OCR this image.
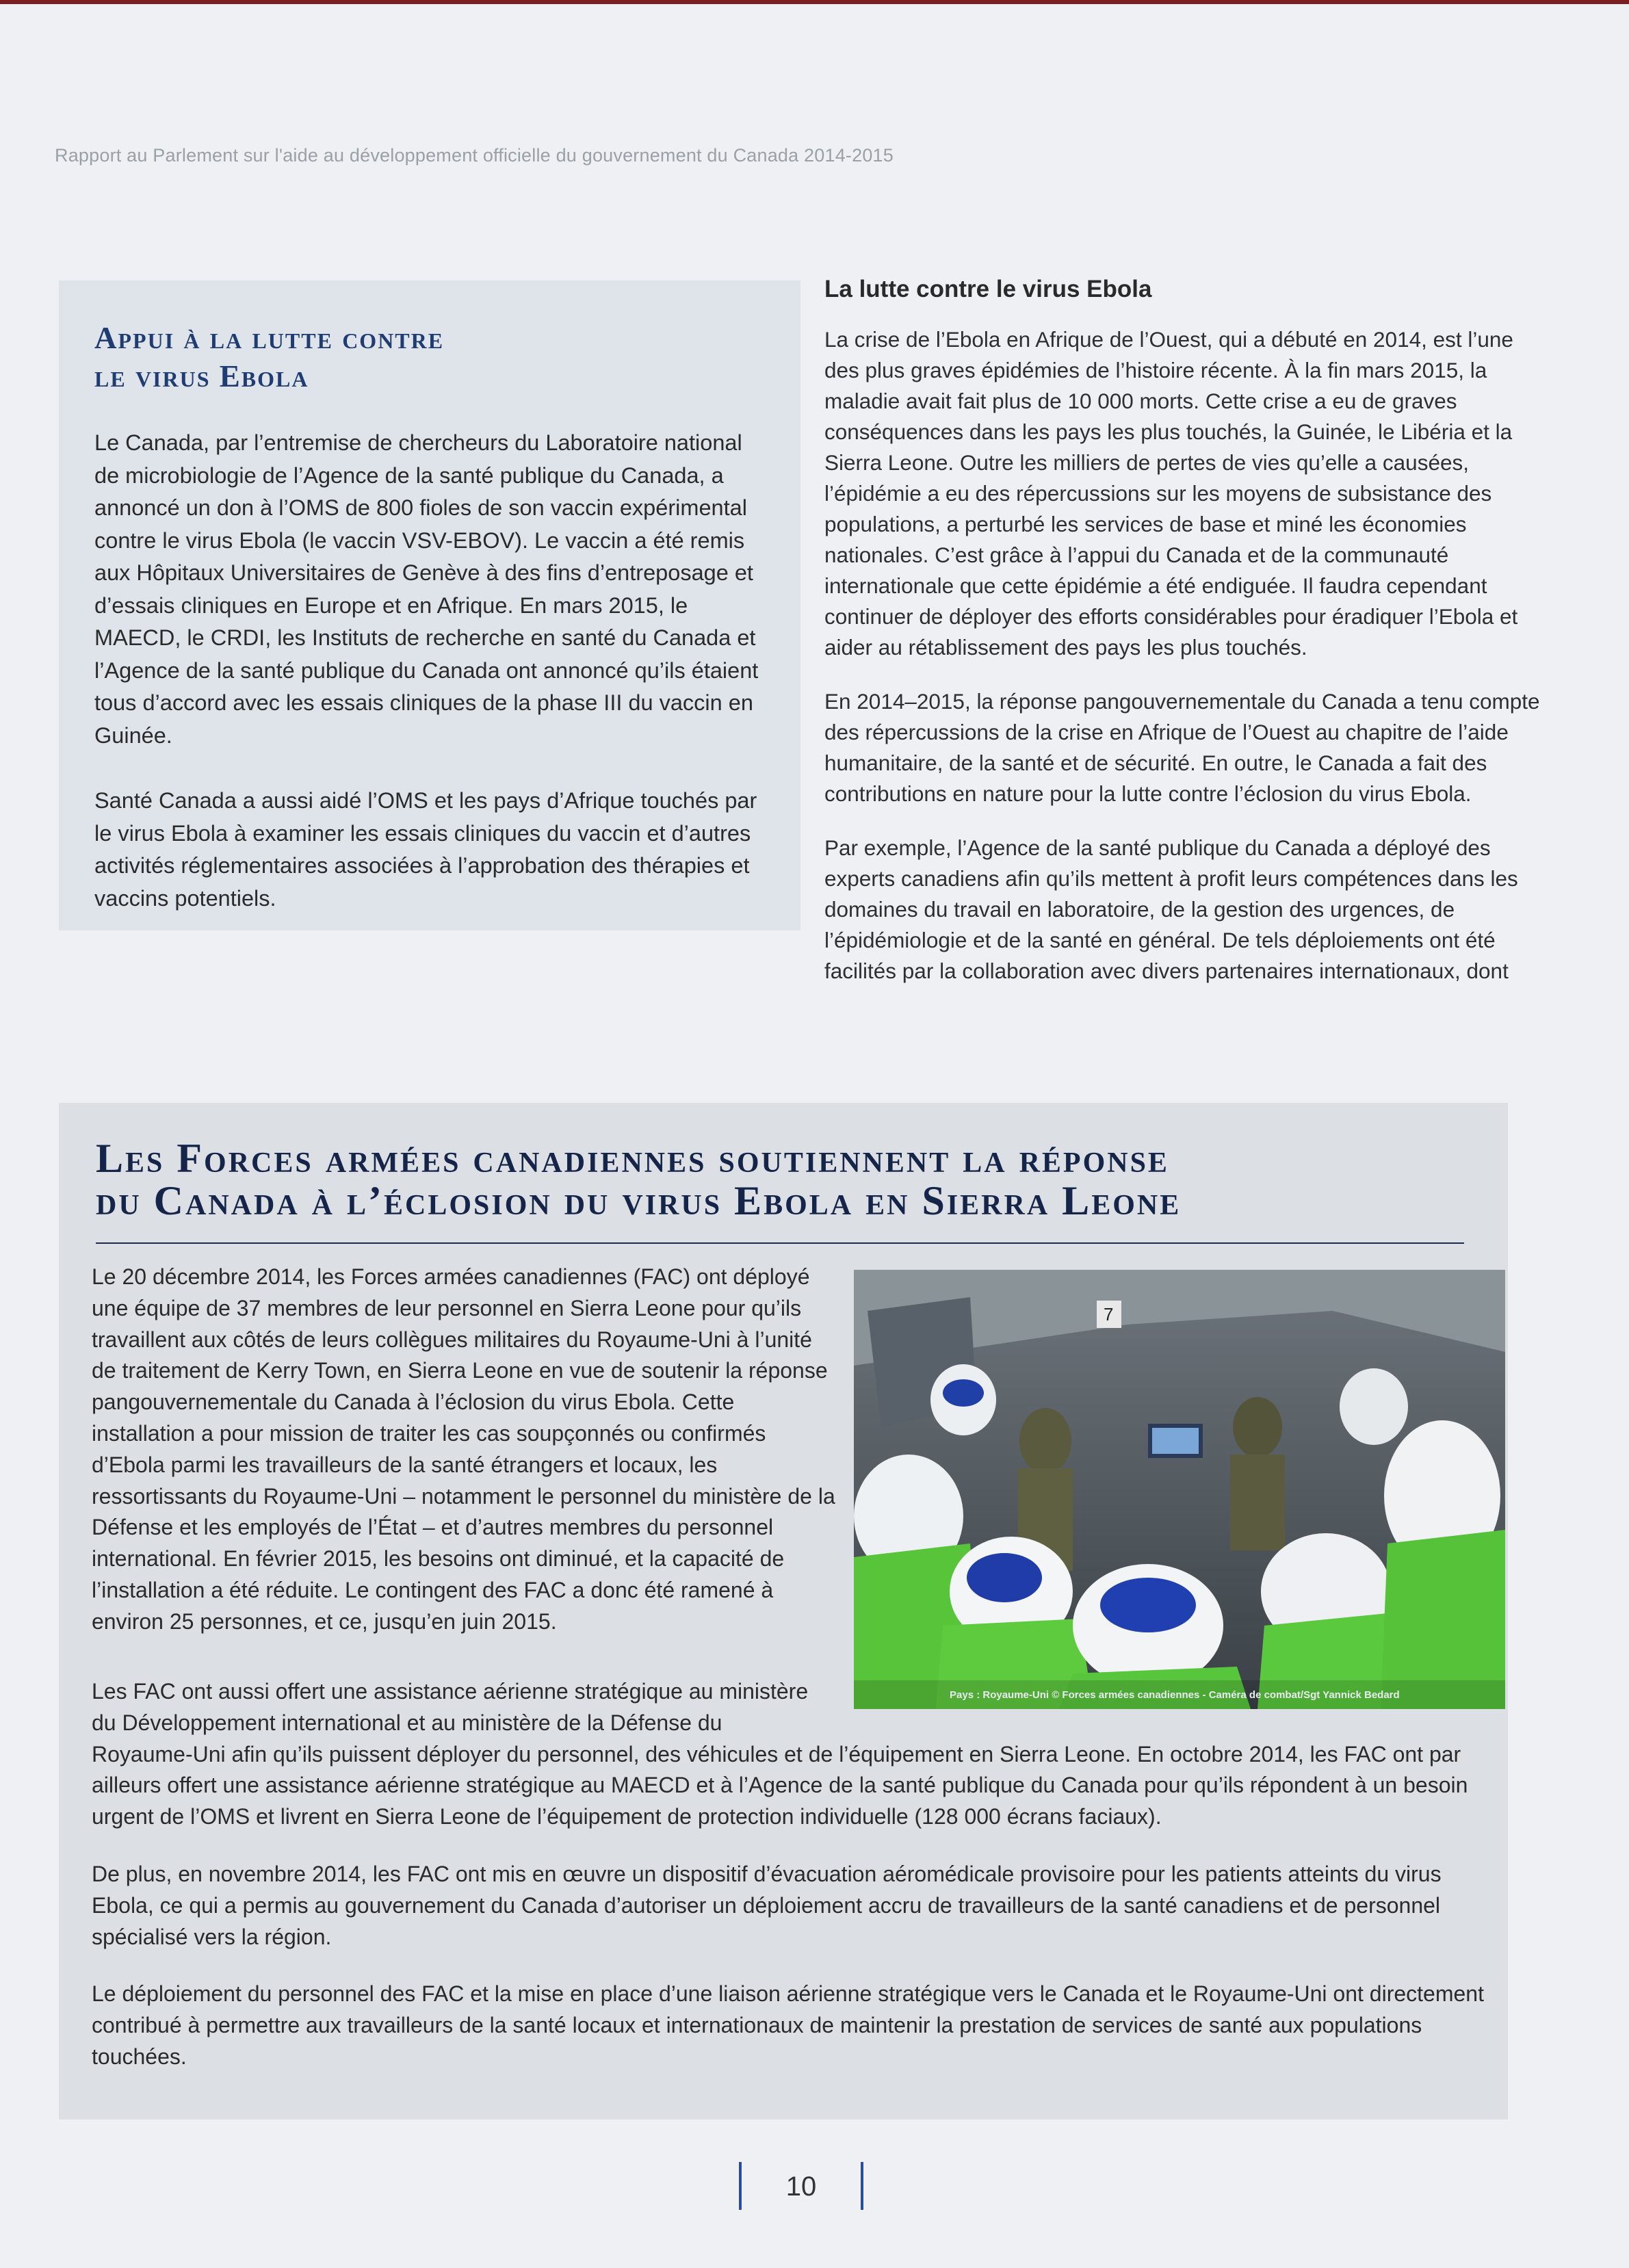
Rapport au Parlement sur l'aide au développement officielle du gouvernement du Canada 2014-2015
Appui à la lutte contre
le virus Ebola

Le Canada, par l’entremise de chercheurs du Laboratoire national de microbiologie de l’Agence de la santé publique du Canada, a annoncé un don à l’OMS de 800 fioles de son vaccin expérimental contre le virus Ebola (le vaccin VSV-EBOV). Le vaccin a été remis aux Hôpitaux Universitaires de Genève à des fins d’entreposage et d’essais cliniques en Europe et en Afrique. En mars 2015, le MAECD, le CRDI, les Instituts de recherche en santé du Canada et l’Agence de la santé publique du Canada ont annoncé qu’ils étaient tous d’accord avec les essais cliniques de la phase III du vaccin en Guinée.

Santé Canada a aussi aidé l’OMS et les pays d’Afrique touchés par le virus Ebola à examiner les essais cliniques du vaccin et d’autres activités réglementaires associées à l’approbation des thérapies et vaccins potentiels.

La lutte contre le virus Ebola

La crise de l’Ebola en Afrique de l’Ouest, qui a débuté en 2014, est l’une des plus graves épidémies de l’histoire récente. À la fin mars 2015, la maladie avait fait plus de 10 000 morts. Cette crise a eu de graves conséquences dans les pays les plus touchés, la Guinée, le Libéria et la Sierra Leone. Outre les milliers de pertes de vies qu’elle a causées, l’épidémie a eu des répercussions sur les moyens de subsistance des populations, a perturbé les services de base et miné les économies nationales. C’est grâce à l’appui du Canada et de la communauté internationale que cette épidémie a été endiguée. Il faudra cependant continuer de déployer des efforts considérables pour éradiquer l’Ebola et aider au rétablissement des pays les plus touchés.

En 2014–2015, la réponse pangouvernementale du Canada a tenu compte des répercussions de la crise en Afrique de l’Ouest au chapitre de l’aide humanitaire, de la santé et de sécurité. En outre, le Canada a fait des contributions en nature pour la lutte contre l’éclosion du virus Ebola.

Par exemple, l’Agence de la santé publique du Canada a déployé des experts canadiens afin qu’ils mettent à profit leurs compétences dans les domaines du travail en laboratoire, de la gestion des urgences, de l’épidémiologie et de la santé en général. De tels déploiements ont été facilités par la collaboration avec divers partenaires internationaux, dont

Les Forces armées canadiennes soutiennent la réponse
du Canada à l’éclosion du virus Ebola en Sierra Leone
7
Pays : Royaume-Uni © Forces armées canadiennes - Caméra de combat/Sgt Yannick Bedard

Le 20 décembre 2014, les Forces armées canadiennes (FAC) ont déployé une équipe de 37 membres de leur personnel en Sierra Leone pour qu’ils travaillent aux côtés de leurs collègues militaires du Royaume-Uni à l’unité de traitement de Kerry Town, en Sierra Leone en vue de soutenir la réponse pangouvernementale du Canada à l’éclosion du virus Ebola. Cette installation a pour mission de traiter les cas soupçonnés ou confirmés d’Ebola parmi les travailleurs de la santé étrangers et locaux, les ressortissants du Royaume-Uni – notamment le personnel du ministère de la Défense et les employés de l’État – et d’autres membres du personnel international. En février 2015, les besoins ont diminué, et la capacité de l’installation a été réduite. Le contingent des FAC a donc été ramené à environ 25 personnes, et ce, jusqu’en juin 2015.

Les FAC ont aussi offert une assistance aérienne stratégique au ministère du Développement international et au ministère de la Défense du
Royaume-Uni afin qu’ils puissent déployer du personnel, des véhicules et de l’équipement en Sierra Leone. En octobre 2014, les FAC ont par ailleurs offert une assistance aérienne stratégique au MAECD et à l’Agence de la santé publique du Canada pour qu’ils répondent à un besoin urgent de l’OMS et livrent en Sierra Leone de l’équipement de protection individuelle (128 000 écrans faciaux).

De plus, en novembre 2014, les FAC ont mis en œuvre un dispositif d’évacuation aéromédicale provisoire pour les patients atteints du virus Ebola, ce qui a permis au gouvernement du Canada d’autoriser un déploiement accru de travailleurs de la santé canadiens et de personnel spécialisé vers la région.

Le déploiement du personnel des FAC et la mise en place d’une liaison aérienne stratégique vers le Canada et le Royaume-Uni ont directement contribué à permettre aux travailleurs de la santé locaux et internationaux de maintenir la prestation de services de santé aux populations touchées.

10
